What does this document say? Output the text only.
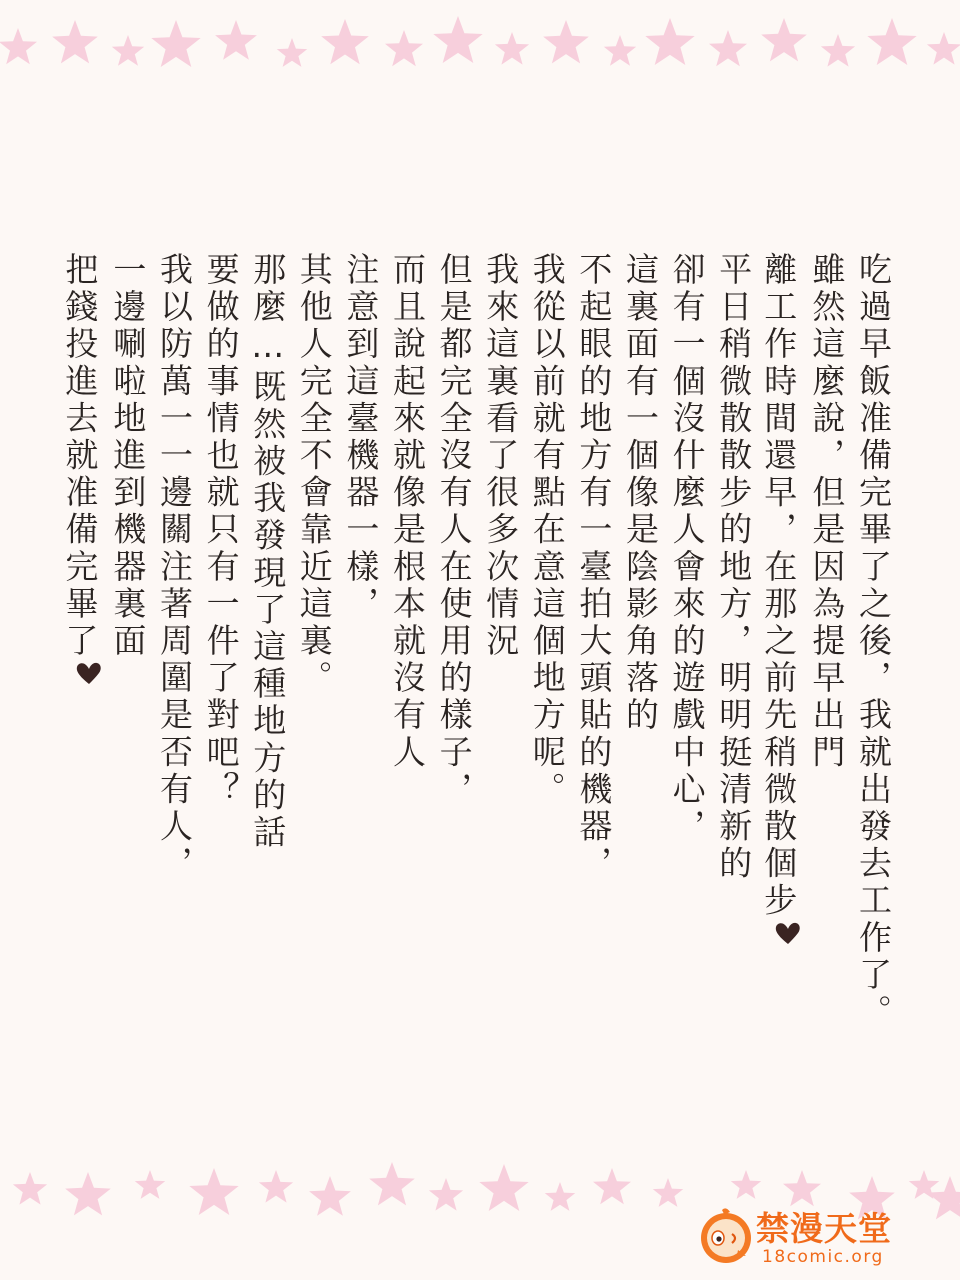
吃過早飯准備完畢了之後，我就出發去工作了。
雖然這麼說，但是因為提早出門
離工作時間還早，在那之前先稍微散個步
平日稍微散散步的地方，明明挺清新的
卻有一個沒什麼人會來的遊戲中心，
這裏面有一個像是陰影角落的
不起眼的地方有一臺拍大頭貼的機器，
我從以前就有點在意這個地方呢。
我來這裏看了很多次情況
但是都完全沒有人在使用的樣子，
而且說起來就像是根本就沒有人
注意到這臺機器一樣，
其他人完全不會靠近這裏。
那麼…既然被我發現了這種地方的話
要做的事情也就只有一件了對吧？
我以防萬一一邊關注著周圍是否有人，
一邊唰啦地進到機器裏面
把錢投進去就准備完畢了
禁漫天堂
18comic.org
